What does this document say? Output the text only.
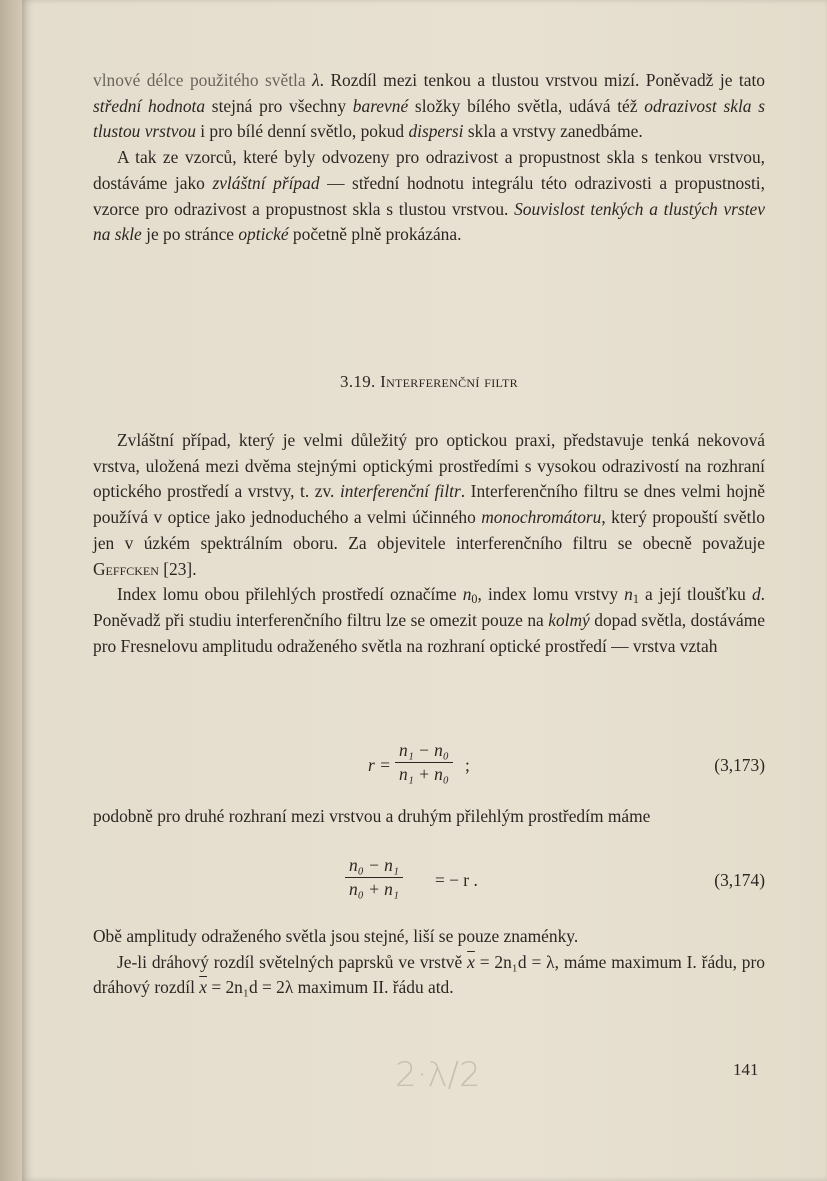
vlnové délce použitého světla λ. Rozdíl mezi tenkou a tlustou vrstvou mizí. Poněvadž je tato střední hodnota stejná pro všechny barevné složky bílého světla, udává též odrazivost skla s tlustou vrstvou i pro bílé denní světlo, pokud dispersi skla a vrstvy zanedbáme.

A tak ze vzorců, které byly odvozeny pro odrazivost a propustnost skla s tenkou vrstvou, dostáváme jako zvláštní případ — střední hodnotu integrálu této odrazivosti a propustnosti, vzorce pro odrazivost a propustnost skla s tlustou vrstvou. Souvislost tenkých a tlustých vrstev na skle je po stránce optické početně plně prokázána.

3.19. Interferenční filtr

Zvláštní případ, který je velmi důležitý pro optickou praxi, představuje tenká nekovová vrstva, uložená mezi dvěma stejnými optickými prostředími s vysokou odrazivostí na rozhraní optického prostředí a vrstvy, t. zv. interferenční filtr. Interferenčního filtru se dnes velmi hojně používá v optice jako jednoduchého a velmi účinného monochromátoru, který propouští světlo jen v úzkém spektrálním oboru. Za objevitele interferenčního filtru se obecně považuje Geffcken [23].

Index lomu obou přilehlých prostředí označíme $n_0$, index lomu vrstvy $n_1$ a její tloušťku d. Poněvadž při studiu interferenčního filtru lze se omezit pouze na kolmý dopad světla, dostáváme pro Fresnelovu amplitudu odraženého světla na rozhraní optické prostředí — vrstva vztah

r =
n₁ − n₀
n₁ + n₀ ;	(3,173)

podobně pro druhé rozhraní mezi vrstvou a druhým přilehlým prostředím máme

n₀ − n₁
n₀ + n₁ = − r .	(3,174)

Obě amplitudy odraženého světla jsou stejné, liší se pouze znaménky.

Je-li dráhový rozdíl světelných paprsků ve vrstvě $\overline{x} = 2n_1d = \lambda$, máme maximum I. řádu, pro dráhový rozdíl $\overline{x} = 2n_1d = 2\lambda$ maximum II. řádu atd.

2·λ/2	141
